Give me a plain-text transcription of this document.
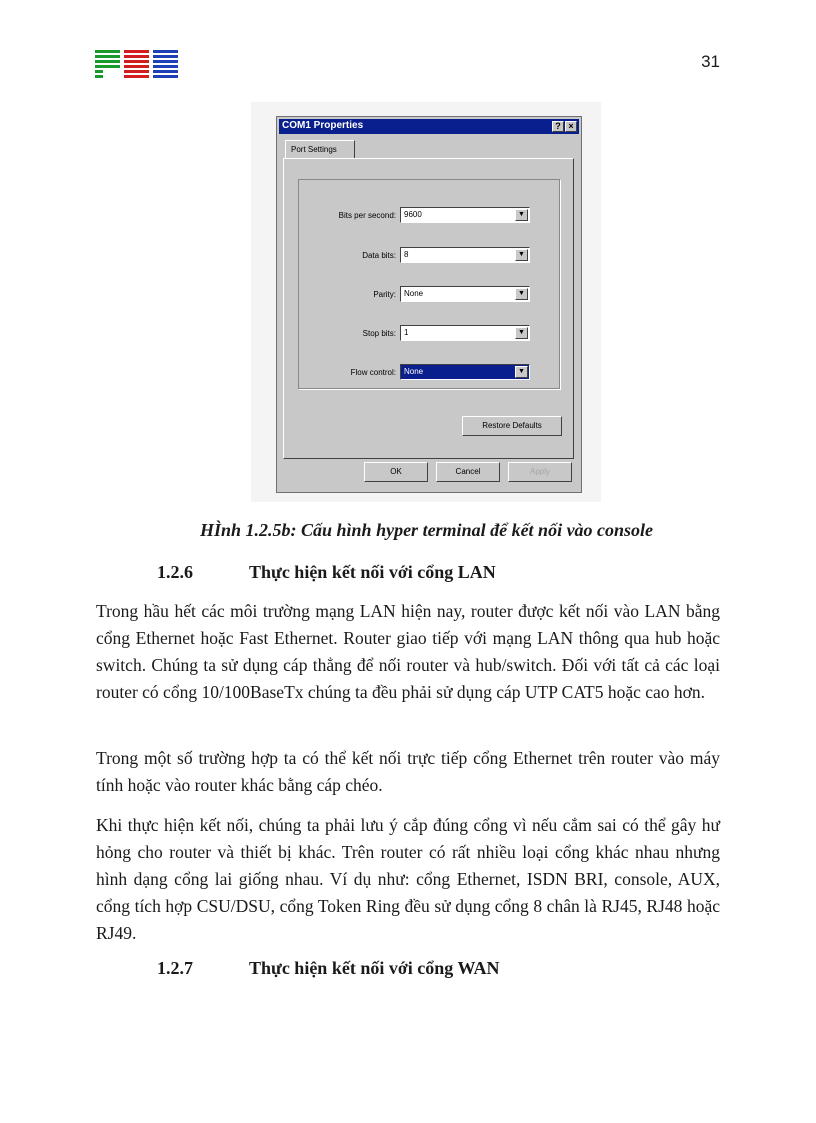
31
COM1 Properties	? ×
Port Settings
Bits per second: 9600	▼
Data bits: 8	▼
Parity: None	▼
Stop bits: 1	▼
Flow control: None	▼
Restore Defaults
OK	Cancel	Apply
HÌnh 1.2.5b: Cấu hình hyper terminal để kết nối vào console
1.2.6	Thực hiện kết nối với cổng LAN

Trong hầu hết các môi trường mạng LAN hiện nay, router được kết nối vào LAN bằng cổng Ethernet hoặc Fast Ethernet. Router giao tiếp với mạng LAN thông qua hub hoặc switch. Chúng ta sử dụng cáp thẳng để nối router và hub/switch. Đối với tất cả các loại router có cổng 10/100BaseTx chúng ta đều phải sử dụng cáp UTP CAT5 hoặc cao hơn.

Trong một số trường hợp ta có thể kết nối trực tiếp cổng Ethernet trên router vào máy tính hoặc vào router khác bằng cáp chéo.

Khi thực hiện kết nối, chúng ta phải lưu ý cắp đúng cổng vì nếu cắm sai có thể gây hư hỏng cho router và thiết bị khác. Trên router có rất nhiều loại cổng khác nhau nhưng hình dạng cổng lai giống nhau. Ví dụ như: cổng Ethernet, ISDN BRI, console, AUX, cổng tích hợp CSU/DSU, cổng Token Ring đều sử dụng cổng 8 chân là RJ45, RJ48 hoặc RJ49.

1.2.7	Thực hiện kết nối với cổng WAN
